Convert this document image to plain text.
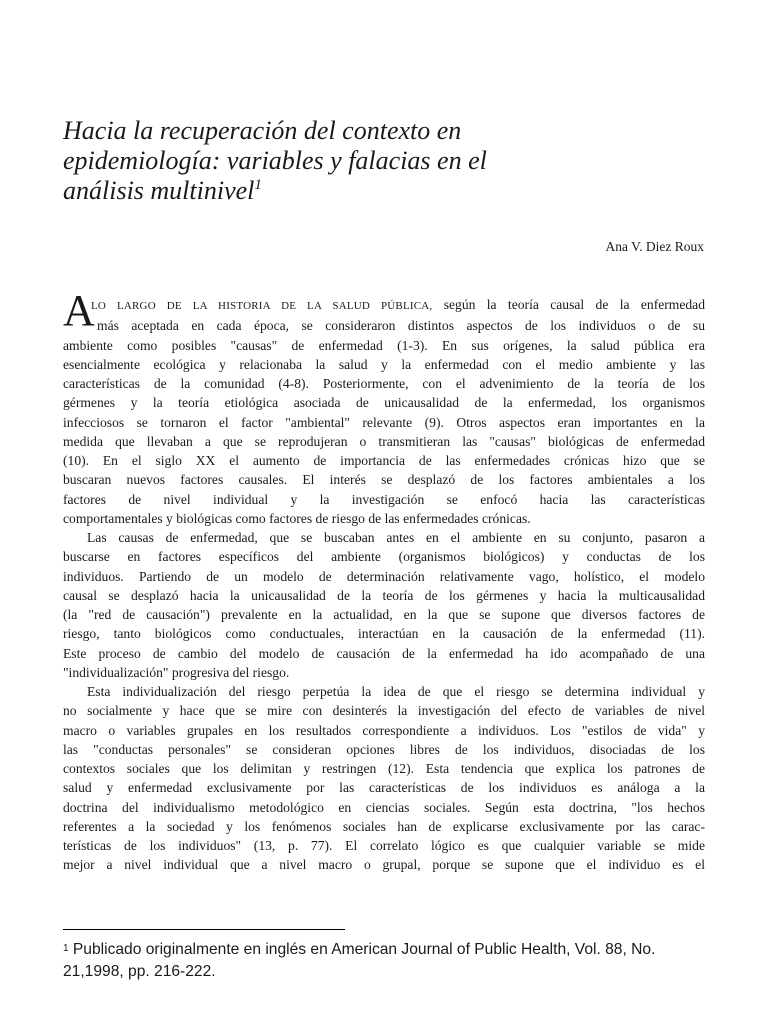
Hacia la recuperación del contexto en
epidemiología: variables y falacias en el
análisis multinivel$^1$
Ana V. Diez Roux
A
LO LARGO DE LA HISTORIA DE LA SALUD PÚBLICA, según la teoría causal de la enfermedad
más aceptada en cada época, se consideraron distintos aspectos de los individuos o de su
ambiente como posibles "causas" de enfermedad (1-3). En sus orígenes, la salud pública era
esencialmente ecológica y relacionaba la salud y la enfermedad con el medio ambiente y las
características de la comunidad (4-8). Posteriormente, con el advenimiento de la teoría de los
gérmenes y la teoría etiológica asociada de unicausalidad de la enfermedad, los organismos
infecciosos se tornaron el factor "ambiental" relevante (9). Otros aspectos eran importantes en la
medida que llevaban a que se reprodujeran o transmitieran las "causas" biológicas de enfermedad
(10). En el siglo XX el aumento de importancia de las enfermedades crónicas hizo que se
buscaran nuevos factores causales. El interés se desplazó de los factores ambientales a los
factores de nivel individual y la investigación se enfocó hacia las características
comportamentales y biológicas como factores de riesgo de las enfermedades crónicas.
Las causas de enfermedad, que se buscaban antes en el ambiente en su conjunto, pasaron a
buscarse en factores específicos del ambiente (organismos biológicos) y conductas de los
individuos. Partiendo de un modelo de determinación relativamente vago, holístico, el modelo
causal se desplazó hacia la unicausalidad de la teoría de los gérmenes y hacia la multicausalidad
(la "red de causación") prevalente en la actualidad, en la que se supone que diversos factores de
riesgo, tanto biológicos como conductuales, interactúan en la causación de la enfermedad (11).
Este proceso de cambio del modelo de causación de la enfermedad ha ido acompañado de una
"individualización" progresiva del riesgo.
Esta individualización del riesgo perpetúa la idea de que el riesgo se determina individual y
no socialmente y hace que se mire con desinterés la investigación del efecto de variables de nivel
macro o variables grupales en los resultados correspondiente a individuos. Los "estilos de vida" y
las "conductas personales" se consideran opciones libres de los individuos, disociadas de los
contextos sociales que los delimitan y restringen (12). Esta tendencia que explica los patrones de
salud y enfermedad exclusivamente por las características de los individuos es análoga a la
doctrina del individualismo metodológico en ciencias sociales. Según esta doctrina, "los hechos
referentes a la sociedad y los fenómenos sociales han de explicarse exclusivamente por las carac-
terísticas de los individuos" (13, p. 77). El correlato lógico es que cualquier variable se mide
mejor a nivel individual que a nivel macro o grupal, porque se supone que el individuo es el
$^1$ Publicado originalmente en inglés en American Journal of Public Health, Vol. 88, No.
21,1998, pp. 216-222.
